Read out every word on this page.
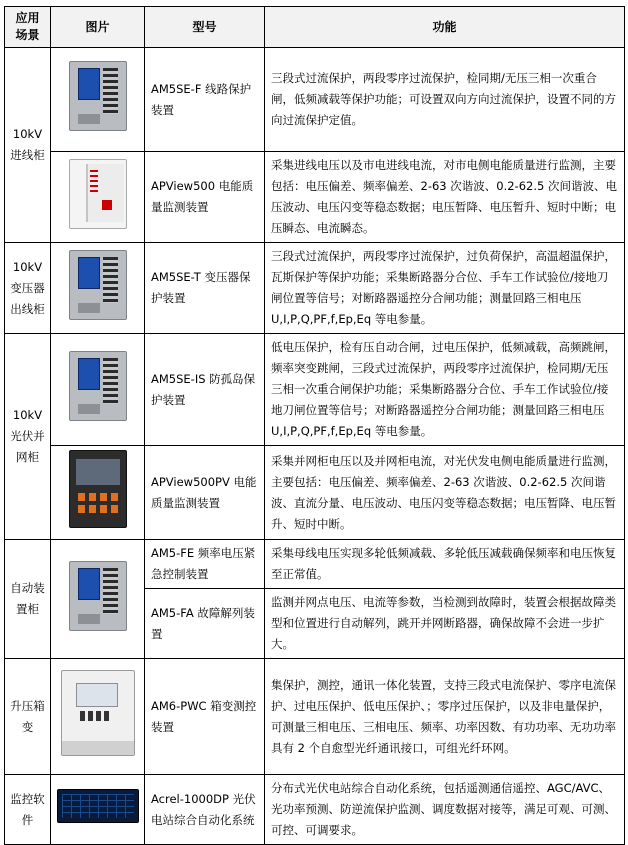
应用场景	图片	型号	功能
10kV进线柜		AM5SE-F 线路保护装置	三段式过流保护，两段零序过流保护，检同期/无压三相一次重合闸，低频减载等保护功能；可设置双向方向过流保护，设置不同的方向过流保护定值。

		APView500 电能质量监测装置	采集进线电压以及市电进线电流，对市电侧电能质量进行监测，主要包括：电压偏差、频率偏差、2-63 次谐波、0.2-62.5 次间谐波、电压波动、电压闪变等稳态数据；电压暂降、电压暂升、短时中断；电压瞬态、电流瞬态。
10kV变压器出线柜		AM5SE-T 变压器保护装置	三段式过流保护，两段零序过流保护，过负荷保护，高温超温保护，瓦斯保护等保护功能；采集断路器分合位、手车工作试验位/接地刀闸位置等信号；对断路器遥控分合闸功能；测量回路三相电压 U,I,P,Q,PF,f,Ep,Eq 等电参量。
10kV光伏并网柜		AM5SE-IS 防孤岛保护装置	低电压保护，检有压自动合闸，过电压保护，低频减载，高频跳闸，频率突变跳闸，三段式过流保护，两段零序过流保护，检同期/无压三相一次重合闸保护功能；采集断路器分合位、手车工作试验位/接地刀闸位置等信号；对断路器遥控分合闸功能；测量回路三相电压 U,I,P,Q,PF,f,Ep,Eq 等电参量。

		APView500PV 电能质量监测装置	采集并网柜电压以及并网柜电流，对光伏发电侧电能质量进行监测，主要包括：电压偏差、频率偏差、2-63 次谐波、0.2-62.5 次间谐波、直流分量、电压波动、电压闪变等稳态数据；电压暂降、电压暂升、短时中断。
自动装置柜		AM5-FE 频率电压紧急控制装置	采集母线电压实现多轮低频减载、多轮低压减载确保频率和电压恢复至正常值。
		AM5-FA 故障解列装置	监测并网点电压、电流等参数，当检测到故障时，装置会根据故障类型和位置进行自动解列，跳开并网断路器，确保故障不会进一步扩大。
升压箱变		AM6-PWC 箱变测控装置	集保护，测控，通讯一体化装置，支持三段式电流保护、零序电流保护、过电压保护、低电压保护、；零序过压保护，以及非电量保护，可测量三相电压、三相电压、频率、功率因数、有功功率、无功功率具有 2 个自愈型光纤通讯接口，可组光纤环网。
监控软件		Acrel-1000DP 光伏电站综合自动化系统	分布式光伏电站综合自动化系统，包括遥测通信遥控、AGC/AVC、光功率预测、防逆流保护监测、调度数据对接等，满足可观、可测、可控、可调要求。
